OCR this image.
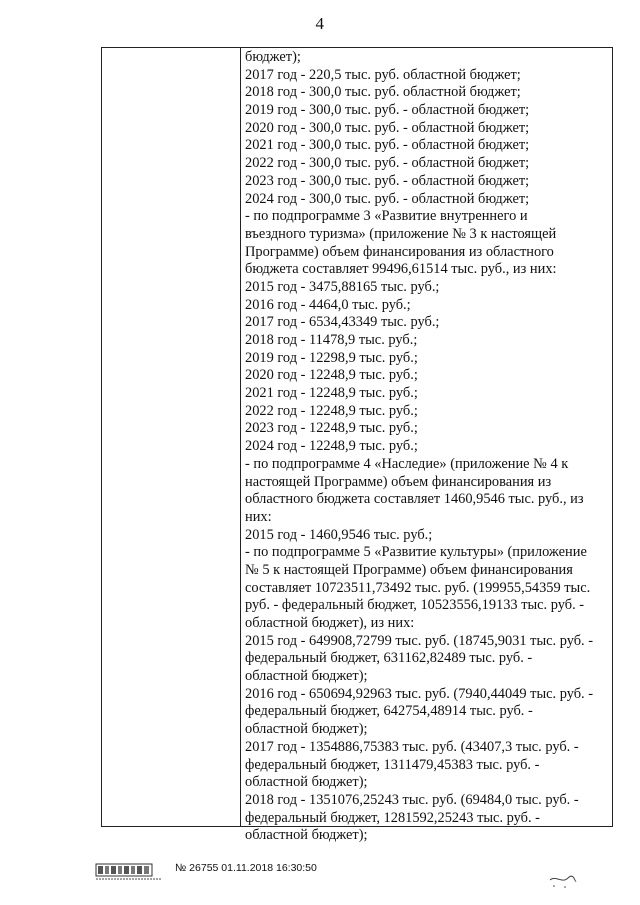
4
бюджет);
2017 год - 220,5 тыс. руб. областной бюджет;
2018 год - 300,0 тыс. руб. областной бюджет;
2019 год - 300,0 тыс. руб. - областной бюджет;
2020 год - 300,0 тыс. руб. - областной бюджет;
2021 год - 300,0 тыс. руб. - областной бюджет;
2022 год - 300,0 тыс. руб. - областной бюджет;
2023 год - 300,0 тыс. руб. - областной бюджет;
2024 год - 300,0 тыс. руб. - областной бюджет;
- по подпрограмме 3 «Развитие внутреннего и
въездного туризма» (приложение № 3 к настоящей
Программе) объем финансирования из областного
бюджета составляет 99496,61514 тыс. руб., из них:
2015 год - 3475,88165 тыс. руб.;
2016 год - 4464,0 тыс. руб.;
2017 год - 6534,43349 тыс. руб.;
2018 год - 11478,9 тыс. руб.;
2019 год - 12298,9 тыс. руб.;
2020 год - 12248,9 тыс. руб.;
2021 год - 12248,9 тыс. руб.;
2022 год - 12248,9 тыс. руб.;
2023 год - 12248,9 тыс. руб.;
2024 год - 12248,9 тыс. руб.;
- по подпрограмме 4 «Наследие» (приложение № 4 к
настоящей Программе) объем финансирования из
областного бюджета составляет 1460,9546 тыс. руб., из
них:
2015 год - 1460,9546 тыс. руб.;
- по подпрограмме 5 «Развитие культуры» (приложение
№ 5 к настоящей Программе) объем финансирования
составляет 10723511,73492 тыс. руб. (199955,54359 тыс.
руб. - федеральный бюджет, 10523556,19133 тыс. руб. -
областной бюджет), из них:
2015 год - 649908,72799 тыс. руб. (18745,9031 тыс. руб. -
федеральный бюджет, 631162,82489 тыс. руб. -
областной бюджет);
2016 год - 650694,92963 тыс. руб. (7940,44049 тыс. руб. -
федеральный бюджет, 642754,48914 тыс. руб. -
областной бюджет);
2017 год - 1354886,75383 тыс. руб. (43407,3 тыс. руб. -
федеральный бюджет, 1311479,45383 тыс. руб. -
областной бюджет);
2018 год - 1351076,25243 тыс. руб. (69484,0 тыс. руб. -
федеральный бюджет, 1281592,25243 тыс. руб. -
областной бюджет);
№ 26755 01.11.2018 16:30:50
